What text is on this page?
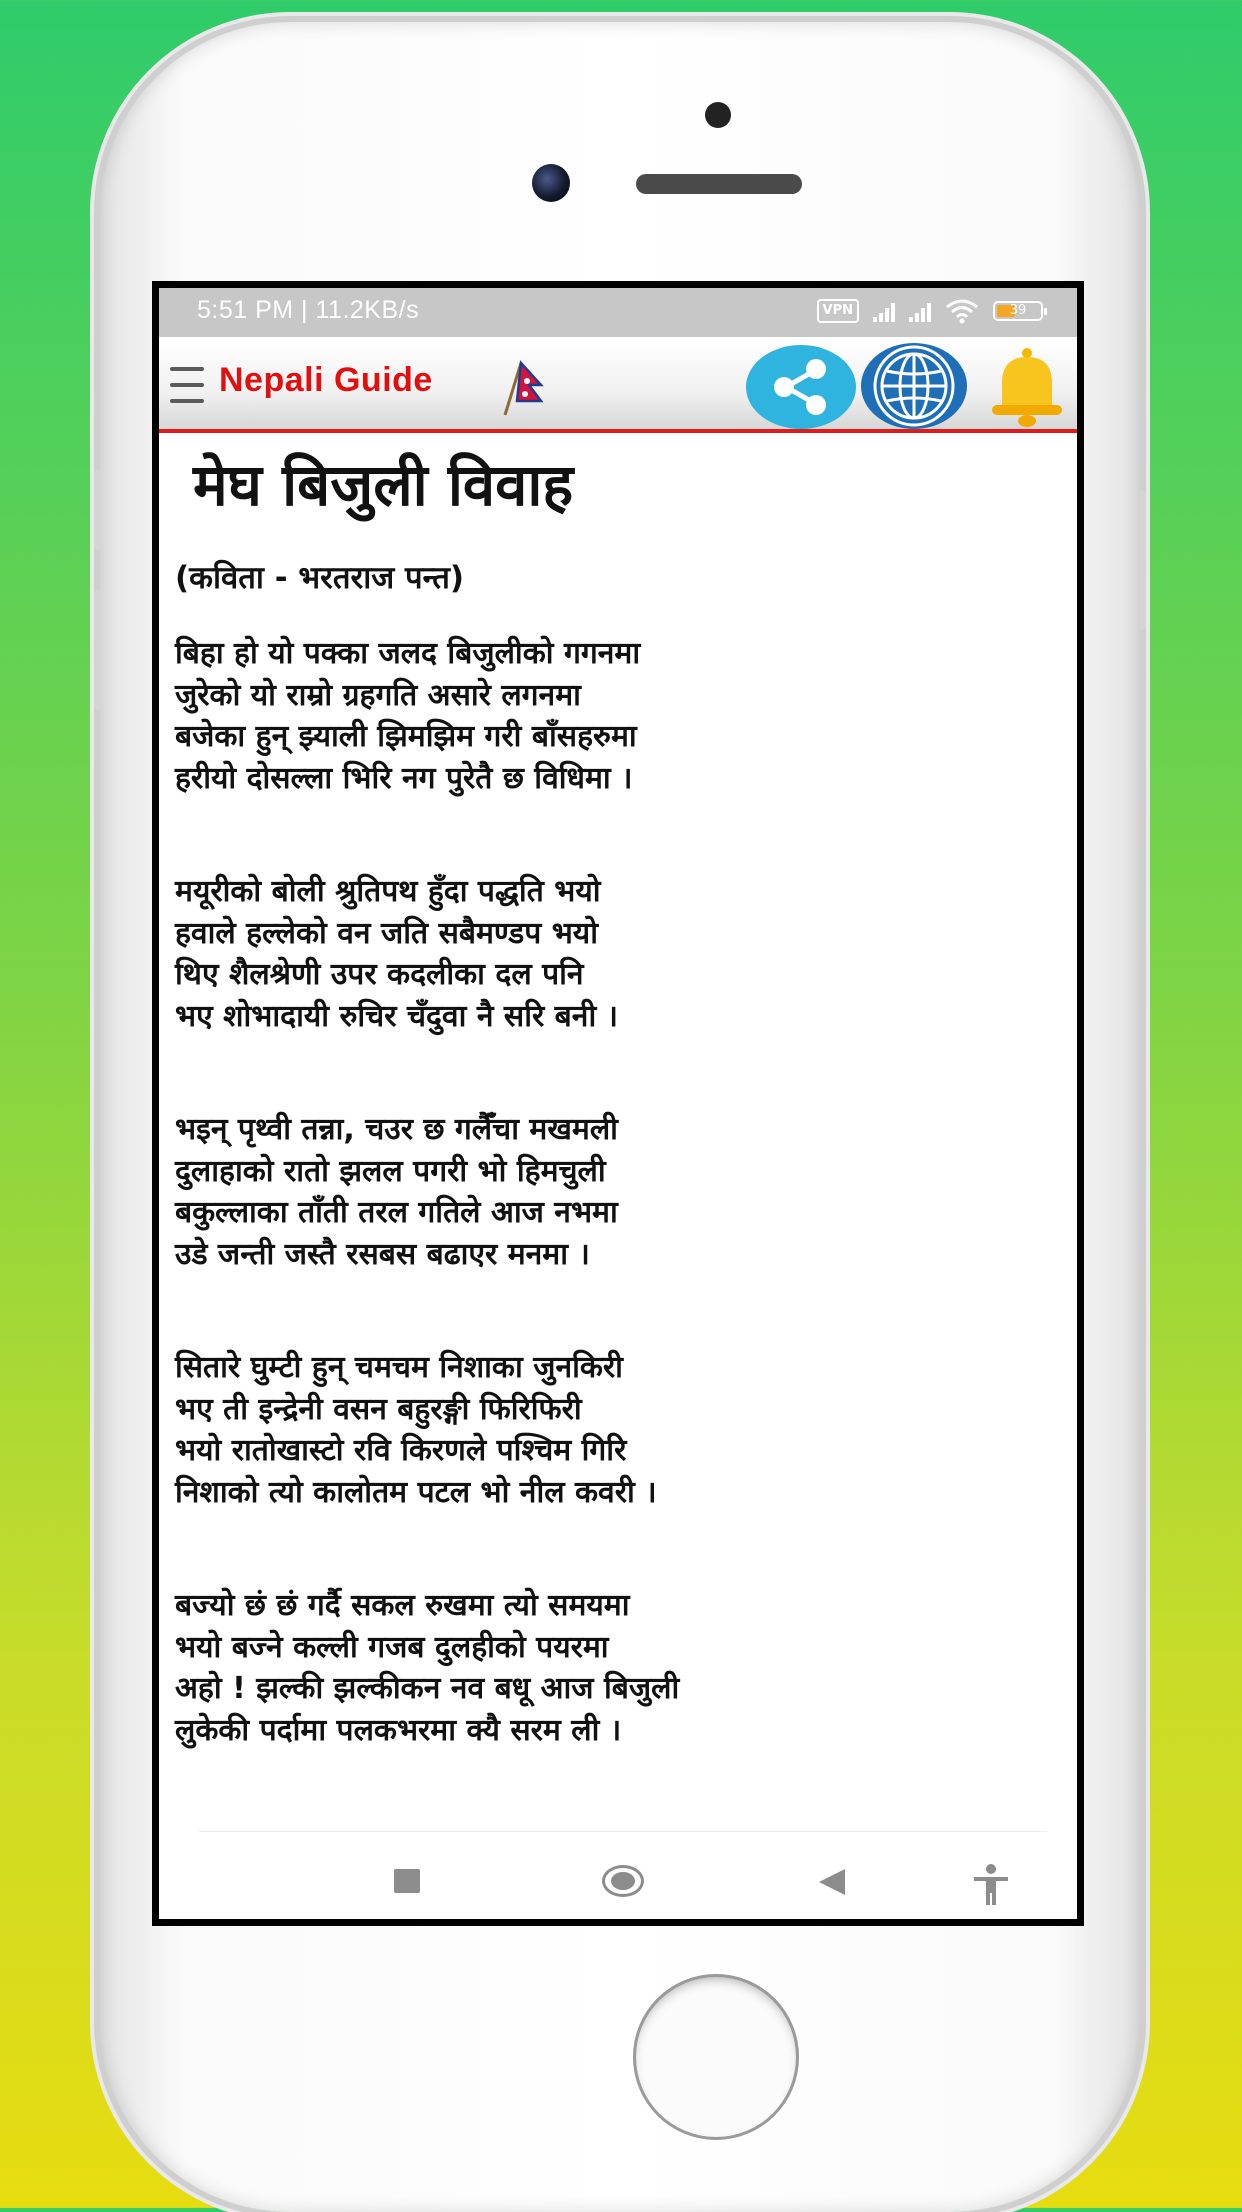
5:51 PM | 11.2KB/s	VPN	39
Nepali Guide
मेघ बिजुली विवाह
(कविता - भरतराज पन्त)
बिहा हो यो पक्का जलद बिजुलीको गगनमा
जुरेको यो राम्रो ग्रहगति असारे लगनमा
बजेका हुन् झ्याली झिमझिम गरी बाँसहरुमा
हरीयो दोसल्ला भिरि नग पुरेतै छ विधिमा ।
मयूरीको बोली श्रुतिपथ हुँदा पद्धति भयो
हवाले हल्लेको वन जति सबैमण्डप भयो
थिए शैलश्रेणी उपर कदलीका दल पनि
भए शोभादायी रुचिर चँदुवा नै सरि बनी ।
भइन् पृथ्वी तन्ना, चउर छ गलैँचा मखमली
दुलाहाको रातो झलल पगरी भो हिमचुली
बकुल्लाका ताँती तरल गतिले आज नभमा
उडे जन्ती जस्तै रसबस बढाएर मनमा ।
सितारे घुम्टी हुन् चमचम निशाका जुनकिरी
भए ती इन्द्रेनी वसन बहुरङ्गी फिरिफिरी
भयो रातोखास्टो रवि किरणले पश्चिम गिरि
निशाको त्यो कालोतम पटल भो नील कवरी ।
बज्यो छं छं गर्दै सकल रुखमा त्यो समयमा
भयो बज्ने कल्ली गजब दुलहीको पयरमा
अहो ! झल्की झल्कीकन नव बधू आज बिजुली
लुकेकी पर्दामा पलकभरमा क्यै सरम ली ।
